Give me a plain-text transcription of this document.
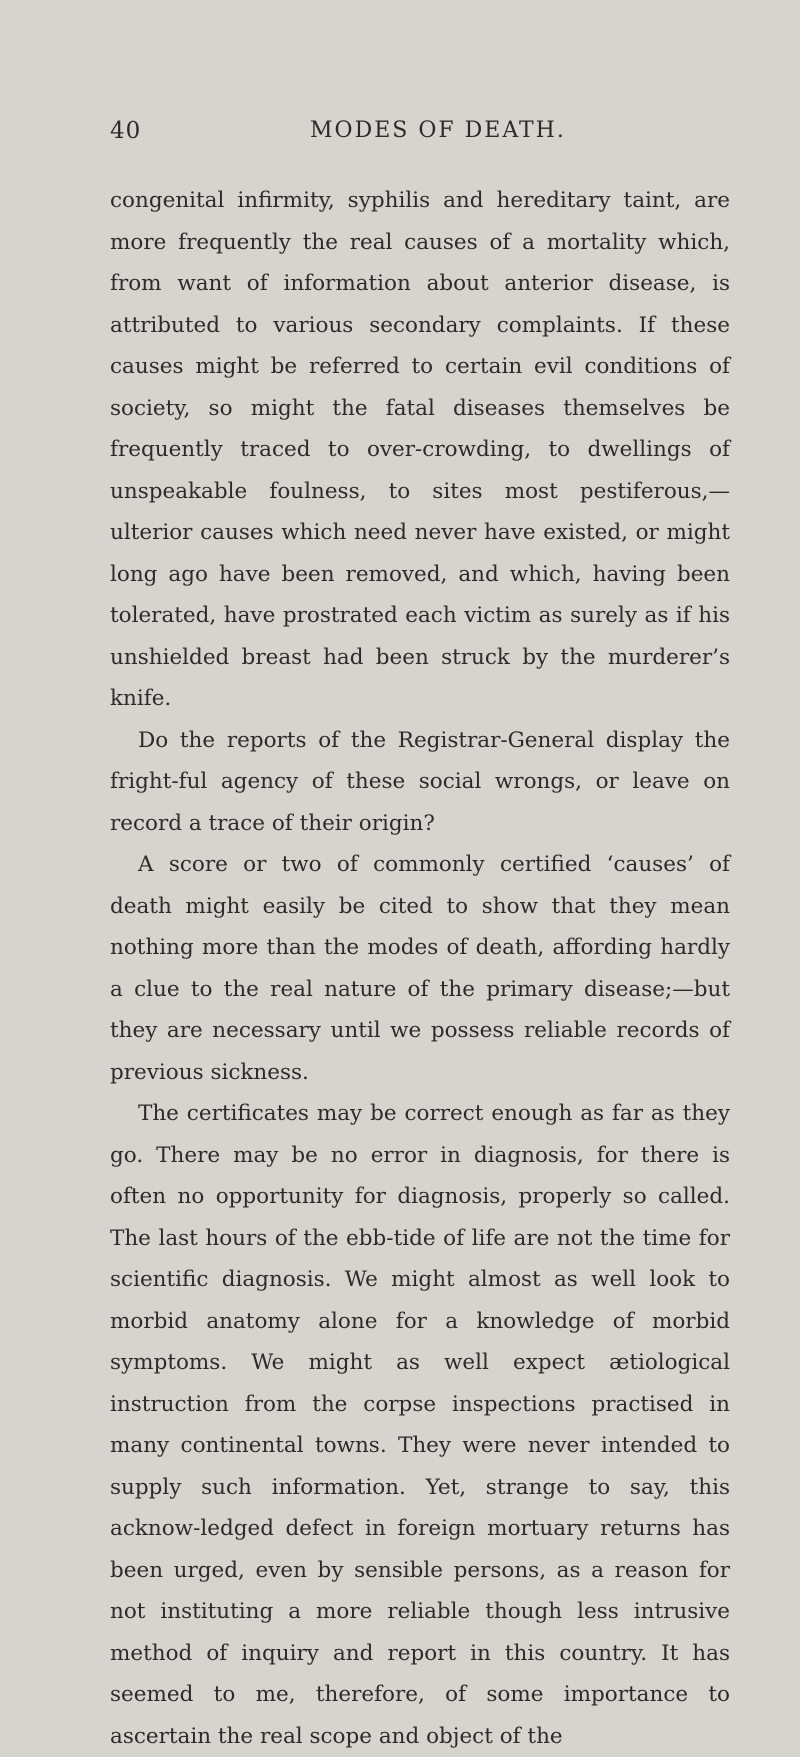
40	MODES OF DEATH.

congenital infirmity, syphilis and hereditary taint, are more frequently the real causes of a mortality which, from want of information about anterior disease, is attributed to various secondary complaints. If these causes might be referred to certain evil conditions of society, so might the fatal diseases themselves be frequently traced to over-crowding, to dwellings of unspeakable foulness, to sites most pestiferous,—ulterior causes which need never have existed, or might long ago have been removed, and which, having been tolerated, have prostrated each victim as surely as if his unshielded breast had been struck by the murderer’s knife.

Do the reports of the Registrar-General display the fright-ful agency of these social wrongs, or leave on record a trace of their origin?

A score or two of commonly certified ‘causes’ of death might easily be cited to show that they mean nothing more than the modes of death, affording hardly a clue to the real nature of the primary disease;—but they are necessary until we possess reliable records of previous sickness.

The certificates may be correct enough as far as they go. There may be no error in diagnosis, for there is often no opportunity for diagnosis, properly so called. The last hours of the ebb-tide of life are not the time for scientific diagnosis. We might almost as well look to morbid anatomy alone for a knowledge of morbid symptoms. We might as well expect ætiological instruction from the corpse inspections practised in many continental towns. They were never intended to supply such information. Yet, strange to say, this acknow-ledged defect in foreign mortuary returns has been urged, even by sensible persons, as a reason for not instituting a more reliable though less intrusive method of inquiry and report in this country. It has seemed to me, therefore, of some importance to ascertain the real scope and object of the
